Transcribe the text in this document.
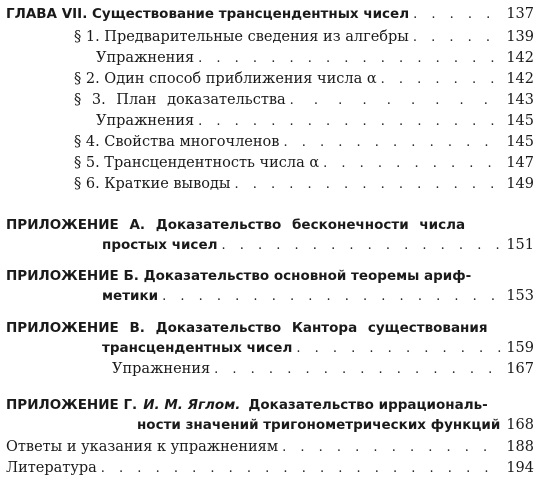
ГЛАВА VII. Существование трансцендентных чисел . . .	137
§ 1. Предварительные сведения из алгебры . . .	139
Упражнения . . .	142
§ 2. Один способ приближения числа α . . .	142
§ 3. План доказательства . . .	143
Упражнения . . .	145
§ 4. Свойства многочленов . . .	145
§ 5. Трансцендентность числа α . . .	147
§ 6. Краткие выводы . . .	149
ПРИЛОЖЕНИЕ А. Доказательство бесконечности числа
простых чисел . . .	151
ПРИЛОЖЕНИЕ Б. Доказательство основной теоремы ариф-
метики . . .	153
ПРИЛОЖЕНИЕ В. Доказательство Кантора существования
трансцендентных чисел . . .	159
Упражнения . . .	167
ПРИЛОЖЕНИЕ Г. И. М. Яглом. Доказательство иррациональ-
ности значений тригонометрических функций 168
Ответы и указания к упражнениям . . .	188
Литература . . .	194
